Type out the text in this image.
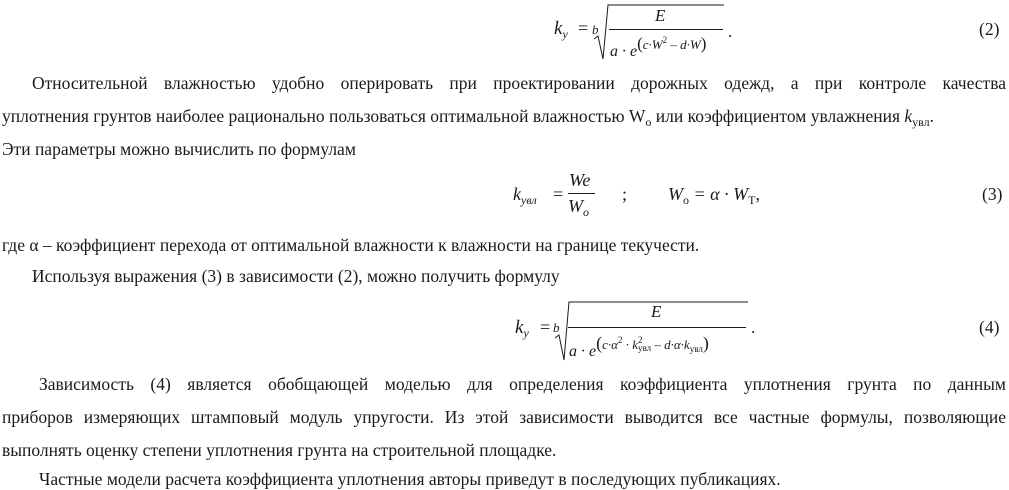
$k_у = b$
E
$a \cdot e^{(c\cdot W^2 - d\cdot W)}$
.	(2)
Относительной влажностью удобно оперировать при проектировании дорожных одежд, а при контроле качества
уплотнения грунтов наиболее рационально пользоваться оптимальной влажностью $W_o$ или коэффициентом увлажнения $k_{увл}$.
Эти параметры можно вычислить по формулам
$k_{увл}$ =
We
$W_o$
; $W_o = \alpha \cdot W_T$,	(3)
где α – коэффициент перехода от оптимальной влажности к влажности на границе текучести.
Используя выражения (3) в зависимости (2), можно получить формулу
$k_у = b$
E
$a \cdot e^{(c\cdot\alpha^2 \cdot k 2 увл - d\cdot\alpha\cdot k_{увл})}$
.	(4)
Зависимость (4) является обобщающей моделью для определения коэффициента уплотнения грунта по данным
приборов измеряющих штамповый модуль упругости. Из этой зависимости выводится все частные формулы, позволяющие
выполнять оценку степени уплотнения грунта на строительной площадке.
Частные модели расчета коэффициента уплотнения авторы приведут в последующих публикациях.
